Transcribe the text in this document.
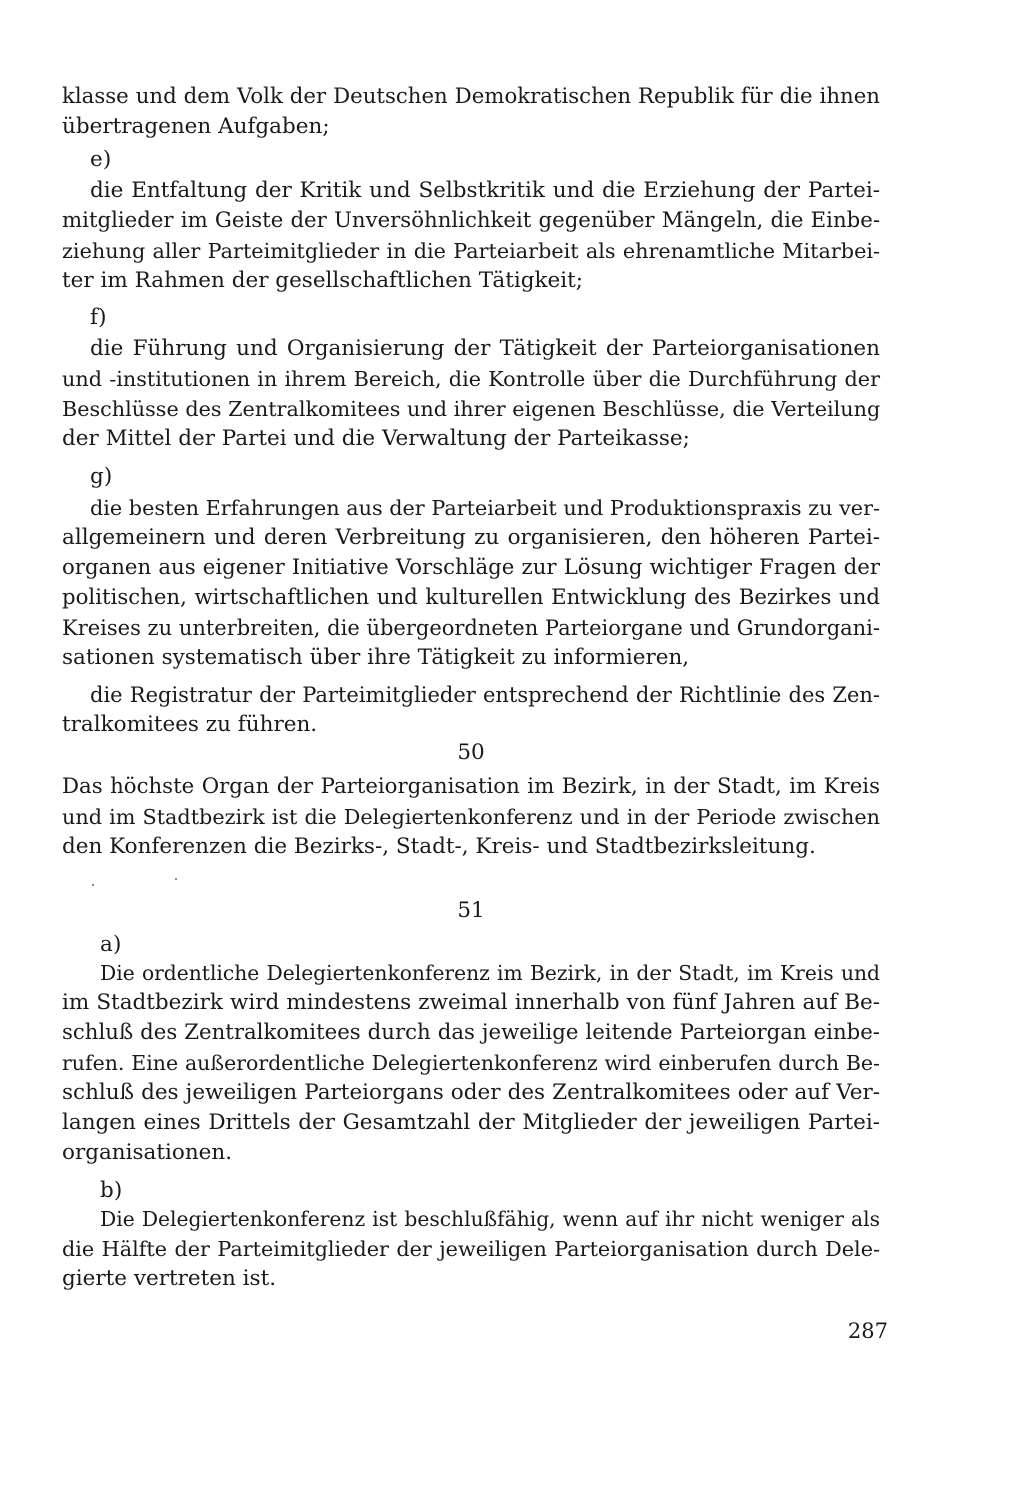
klasse und dem Volk der Deutschen Demokratischen Republik für die ihnen

übertragenen Aufgaben;

e)

die Entfaltung der Kritik und Selbstkritik und die Erziehung der Partei-

mitglieder im Geiste der Unversöhnlichkeit gegenüber Mängeln, die Einbe-

ziehung aller Parteimitglieder in die Parteiarbeit als ehrenamtliche Mitarbei-

ter im Rahmen der gesellschaftlichen Tätigkeit;

f)

die Führung und Organisierung der Tätigkeit der Parteiorganisationen

und -institutionen in ihrem Bereich, die Kontrolle über die Durchführung der

Beschlüsse des Zentralkomitees und ihrer eigenen Beschlüsse, die Verteilung

der Mittel der Partei und die Verwaltung der Parteikasse;

g)

die besten Erfahrungen aus der Parteiarbeit und Produktionspraxis zu ver-

allgemeinern und deren Verbreitung zu organisieren, den höheren Partei-

organen aus eigener Initiative Vorschläge zur Lösung wichtiger Fragen der

politischen, wirtschaftlichen und kulturellen Entwicklung des Bezirkes und

Kreises zu unterbreiten, die übergeordneten Parteiorgane und Grundorgani-

sationen systematisch über ihre Tätigkeit zu informieren,

die Registratur der Parteimitglieder entsprechend der Richtlinie des Zen-

tralkomitees zu führen.

50

Das höchste Organ der Parteiorganisation im Bezirk, in der Stadt, im Kreis

und im Stadtbezirk ist die Delegiertenkonferenz und in der Periode zwischen

den Konferenzen die Bezirks-, Stadt-, Kreis- und Stadtbezirksleitung.

51
a)

Die ordentliche Delegiertenkonferenz im Bezirk, in der Stadt, im Kreis und

im Stadtbezirk wird mindestens zweimal innerhalb von fünf Jahren auf Be-

schluß des Zentralkomitees durch das jeweilige leitende Parteiorgan einbe-

rufen. Eine außerordentliche Delegiertenkonferenz wird einberufen durch Be-

schluß des jeweiligen Parteiorgans oder des Zentralkomitees oder auf Ver-

langen eines Drittels der Gesamtzahl der Mitglieder der jeweiligen Partei-

organisationen.

b)

Die Delegiertenkonferenz ist beschlußfähig, wenn auf ihr nicht weniger als

die Hälfte der Parteimitglieder der jeweiligen Parteiorganisation durch Dele-

gierte vertreten ist.

287
